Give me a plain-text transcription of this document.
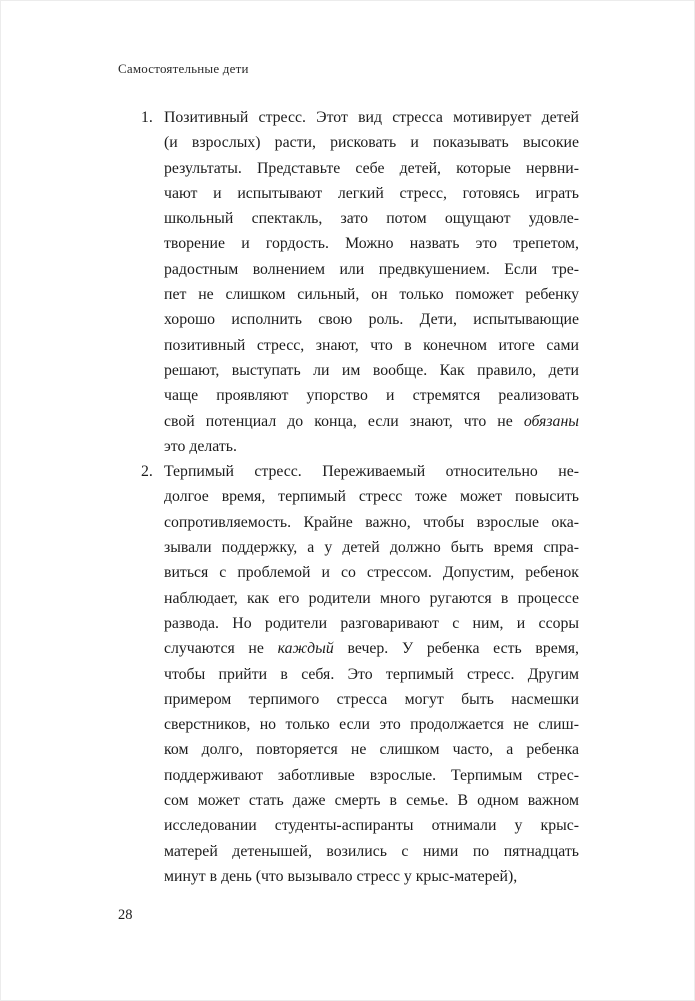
Самостоятельные дети
1. Позитивный стресс. Этот вид стресса мотивирует детей
(и взрослых) расти, рисковать и показывать высокие
результаты. Представьте себе детей, которые нервни-
чают и испытывают легкий стресс, готовясь играть
школьный спектакль, зато потом ощущают удовле-
творение и гордость. Можно назвать это трепетом,
радостным волнением или предвкушением. Если тре-
пет не слишком сильный, он только поможет ребенку
хорошо исполнить свою роль. Дети, испытывающие
позитивный стресс, знают, что в конечном итоге сами
решают, выступать ли им вообще. Как правило, дети
чаще проявляют упорство и стремятся реализовать
свой потенциал до конца, если знают, что не обязаны
это делать.
2. Терпимый стресс. Переживаемый относительно не-
долгое время, терпимый стресс тоже может повысить
сопротивляемость. Крайне важно, чтобы взрослые ока-
зывали поддержку, а у детей должно быть время спра-
виться с проблемой и со стрессом. Допустим, ребенок
наблюдает, как его родители много ругаются в процессе
развода. Но родители разговаривают с ним, и ссоры
случаются не каждый вечер. У ребенка есть время,
чтобы прийти в себя. Это терпимый стресс. Другим
примером терпимого стресса могут быть насмешки
сверстников, но только если это продолжается не слиш-
ком долго, повторяется не слишком часто, а ребенка
поддерживают заботливые взрослые. Терпимым стрес-
сом может стать даже смерть в семье. В одном важном
исследовании студенты-аспиранты отнимали у крыс-
матерей детенышей, возились с ними по пятнадцать
минут в день (что вызывало стресс у крыс-матерей),
28
